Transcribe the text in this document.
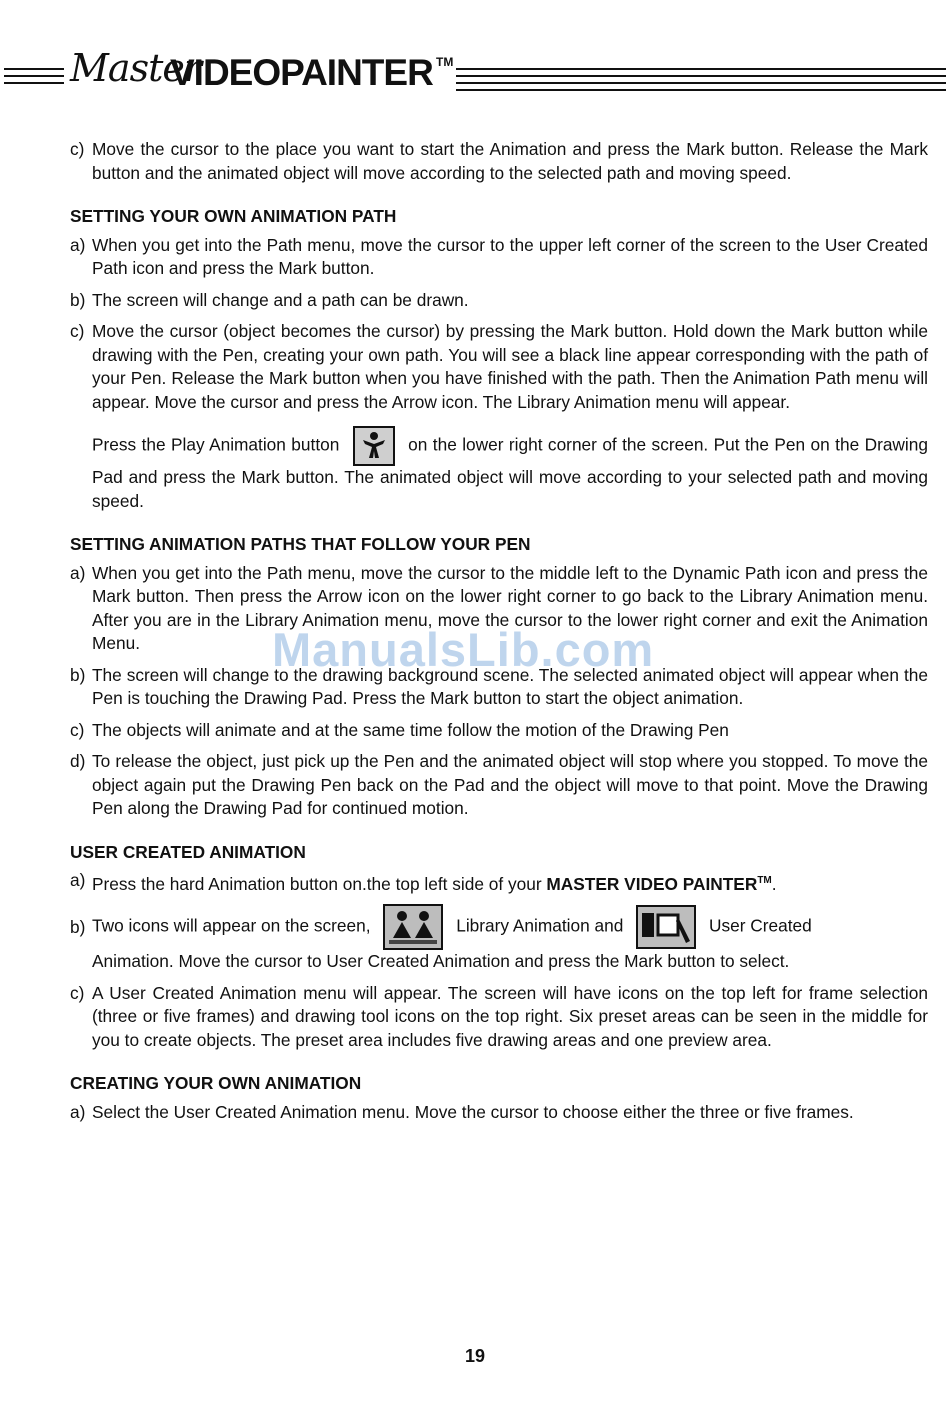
Master
VIDEOPAINTER TM
c) Move the cursor to the place you want to start the Animation and press the Mark button. Release the Mark button and the animated object will move according to the selected path and moving speed.
SETTING YOUR OWN ANIMATION PATH
a) When you get into the Path menu, move the cursor to the upper left corner of the screen to the User Created Path icon and press the Mark button.
b) The screen will change and a path can be drawn.
c) Move the cursor (object becomes the cursor) by pressing the Mark button. Hold down the Mark button while drawing with the Pen, creating your own path. You will see a black line appear corresponding with the path of your Pen. Release the Mark button when you have finished with the path. Then the Animation Path menu will appear. Move the cursor and press the Arrow icon. The Library Animation menu will appear.
Press the Play Animation button	on the lower right corner of the screen. Put the Pen on the Drawing Pad and press the Mark button. The animated object will move according to your selected path and moving speed.
SETTING ANIMATION PATHS THAT FOLLOW YOUR PEN
a) When you get into the Path menu, move the cursor to the middle left to the Dynamic Path icon and press the Mark button. Then press the Arrow icon on the lower right corner to go back to the Library Animation menu. After you are in the Library Animation menu, move the cursor to the lower right corner and exit the Animation Menu.
b) The screen will change to the drawing background scene. The selected animated object will appear when the Pen is touching the Drawing Pad. Press the Mark button to start the object animation.
c) The objects will animate and at the same time follow the motion of the Drawing Pen
d) To release the object, just pick up the Pen and the animated object will stop where you stopped. To move the object again put the Drawing Pen back on the Pad and the object will move to that point. Move the Drawing Pen along the Drawing Pad for continued motion.
USER CREATED ANIMATION
a) Press the hard Animation button on.the top left side of your MASTER VIDEO PAINTER™.
b) Two icons will appear on the screen,	Library Animation and	User Created
Animation. Move the cursor to User Created Animation and press the Mark button to select.
c) A User Created Animation menu will appear. The screen will have icons on the top left for frame selection (three or five frames) and drawing tool icons on the top right. Six preset areas can be seen in the middle for you to create objects. The preset area includes five drawing areas and one preview area.
CREATING YOUR OWN ANIMATION
a) Select the User Created Animation menu. Move the cursor to choose either the three or five frames.
ManualsLib.com
19
